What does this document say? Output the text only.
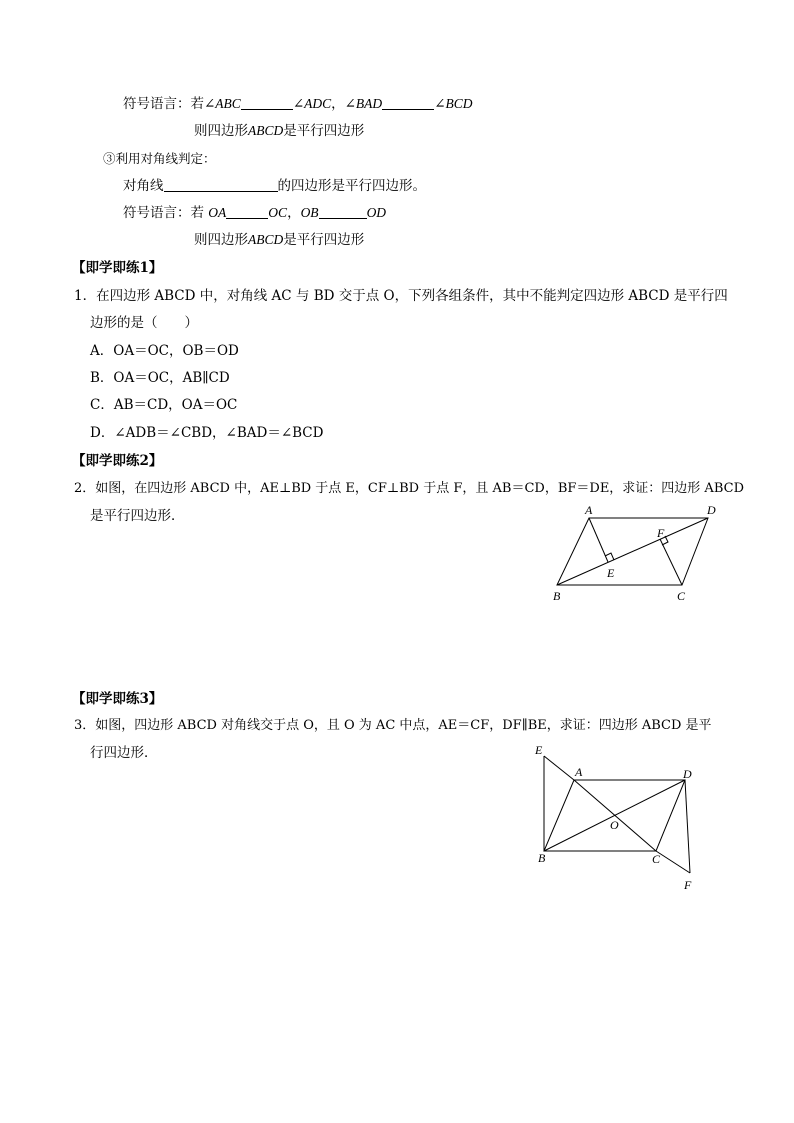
符号语言：若∠ABC	∠ADC，∠BAD	∠BCD
则四边形ABCD是平行四边形
③利用对角线判定：
对角线	的四边形是平行四边形。
符号语言：若 OA	OC，OB	OD
则四边形ABCD是平行四边形
【即学即练1】
1．在四边形 ABCD 中，对角线 AC 与 BD 交于点 O，下列各组条件，其中不能判定四边形 ABCD 是平行四
边形的是（　　）
A．OA＝OC，OB＝OD
B．OA＝OC，AB∥CD
C．AB＝CD，OA＝OC
D．∠ADB＝∠CBD，∠BAD＝∠BCD
【即学即练2】
2．如图，在四边形 ABCD 中，AE⊥BD 于点 E，CF⊥BD 于点 F，且 AB＝CD，BF＝DE，求证：四边形 ABCD
是平行四边形．	A	D
F
E
B	C
【即学即练3】
3．如图，四边形 ABCD 对角线交于点 O，且 O 为 AC 中点，AE＝CF，DF∥BE，求证：四边形 ABCD 是平
行四边形．	E
A	D
O
B	C
F
